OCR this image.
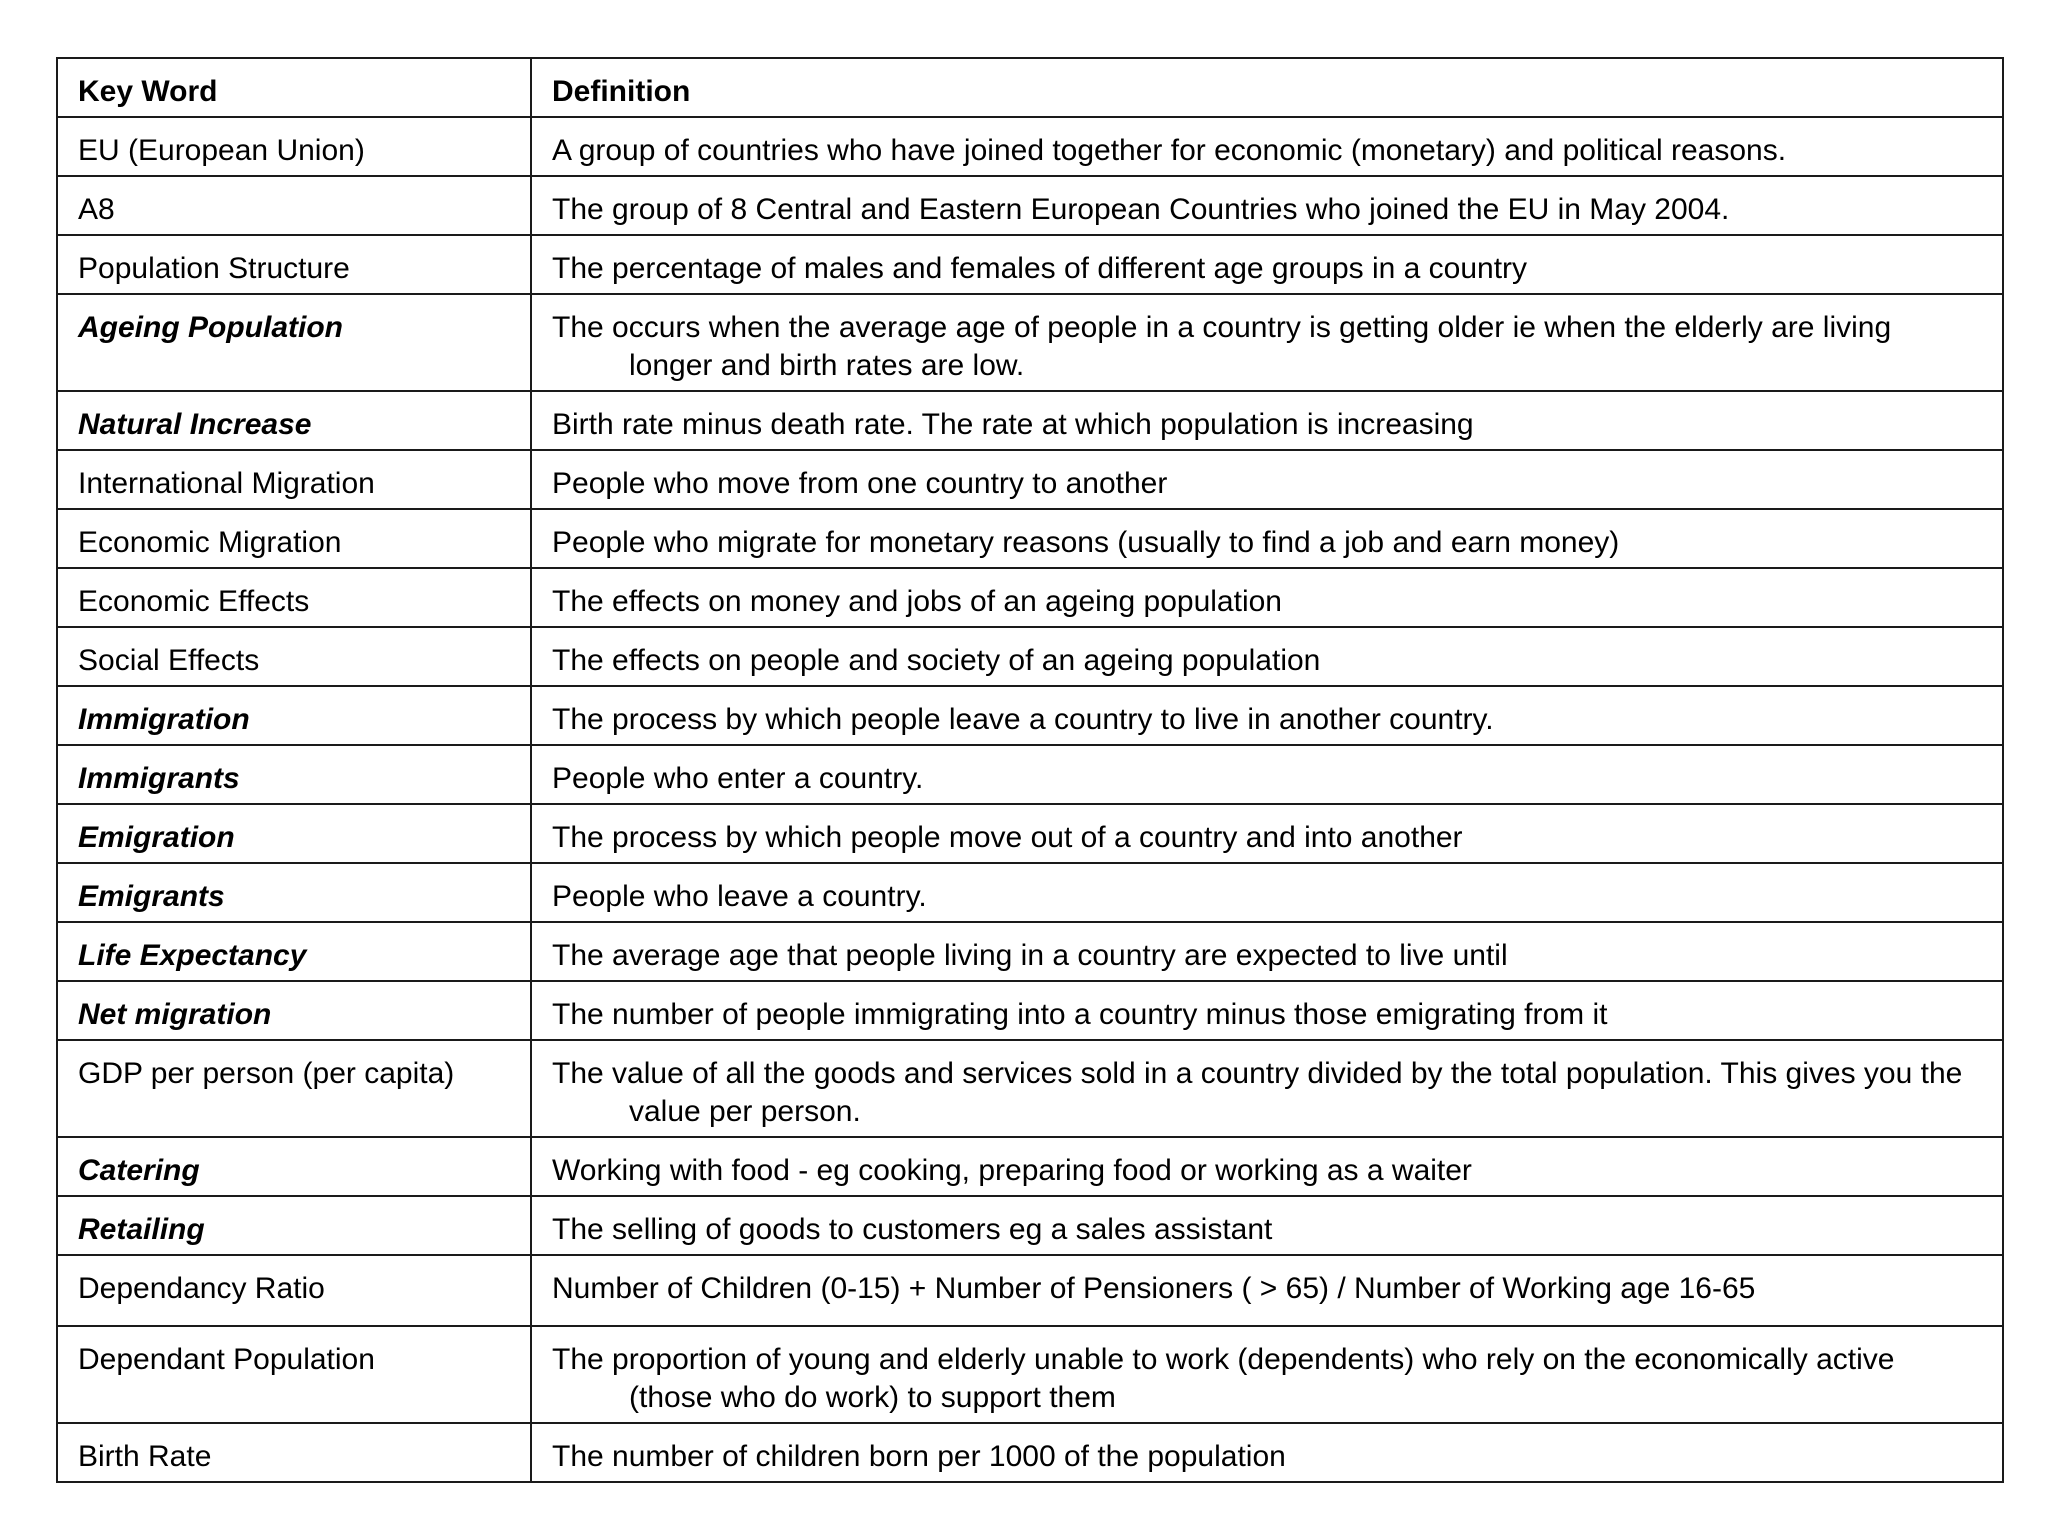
Key Word	Definition
EU (European Union)	A group of countries who have joined together for economic (monetary) and political reasons.
A8	The group of 8 Central and Eastern European Countries who joined the EU in May 2004.
Population Structure	The percentage of males and females of different age groups in a country
Ageing Population	The occurs when the average age of people in a country is getting older ie when the elderly are living longer and birth rates are low.
Natural Increase	Birth rate minus death rate. The rate at which population is increasing
International Migration	People who move from one country to another
Economic Migration	People who migrate for monetary reasons (usually to find a job and earn money)
Economic Effects	The effects on money and jobs of an ageing population
Social Effects	The effects on people and society of an ageing population
Immigration	The process by which people leave a country to live in another country.
Immigrants	People who enter a country.
Emigration	The process by which people move out of a country and into another
Emigrants	People who leave a country.
Life Expectancy	The average age that people living in a country are expected to live until
Net migration	The number of people immigrating into a country minus those emigrating from it
GDP per person (per capita)	The value of all the goods and services sold in a country divided by the total population. This gives you the value per person.
Catering	Working with food - eg cooking, preparing food or working as a waiter
Retailing	The selling of goods to customers eg a sales assistant
Dependancy Ratio	Number of Children (0-15) + Number of Pensioners ( > 65) / Number of Working age 16-65
Dependant Population	The proportion of young and elderly unable to work (dependents) who rely on the economically active (those who do work) to support them
Birth Rate	The number of children born per 1000 of the population
